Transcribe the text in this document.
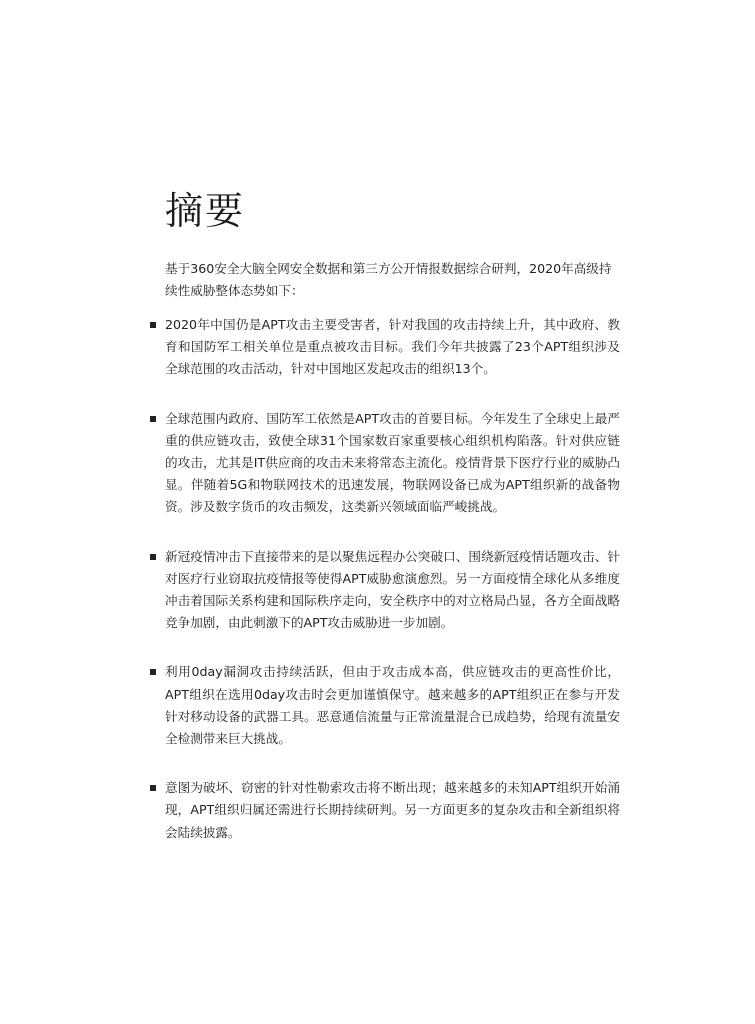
摘要

基于360安全大脑全网安全数据和第三方公开情报数据综合研判，2020年高级持续性威胁整体态势如下：

2020年中国仍是APT攻击主要受害者，针对我国的攻击持续上升，其中政府、教育和国防军工相关单位是重点被攻击目标。我们今年共披露了23个APT组织涉及全球范围的攻击活动，针对中国地区发起攻击的组织13个。
全球范围内政府、国防军工依然是APT攻击的首要目标。今年发生了全球史上最严重的供应链攻击，致使全球31个国家数百家重要核心组织机构陷落。针对供应链的攻击，尤其是IT供应商的攻击未来将常态主流化。疫情背景下医疗行业的威胁凸显。伴随着5G和物联网技术的迅速发展，物联网设备已成为APT组织新的战备物资。涉及数字货币的攻击频发，这类新兴领域面临严峻挑战。
新冠疫情冲击下直接带来的是以聚焦远程办公突破口、围绕新冠疫情话题攻击、针对医疗行业窃取抗疫情报等使得APT威胁愈演愈烈。另一方面疫情全球化从多维度冲击着国际关系构建和国际秩序走向，安全秩序中的对立格局凸显，各方全面战略竞争加剧，由此刺激下的APT攻击威胁进一步加剧。
利用0day漏洞攻击持续活跃，但由于攻击成本高，供应链攻击的更高性价比，APT组织在选用0day攻击时会更加谨慎保守。越来越多的APT组织正在参与开发针对移动设备的武器工具。恶意通信流量与正常流量混合已成趋势，给现有流量安全检测带来巨大挑战。
意图为破坏、窃密的针对性勒索攻击将不断出现；越来越多的未知APT组织开始涌现，APT组织归属还需进行长期持续研判。另一方面更多的复杂攻击和全新组织将会陆续披露。
